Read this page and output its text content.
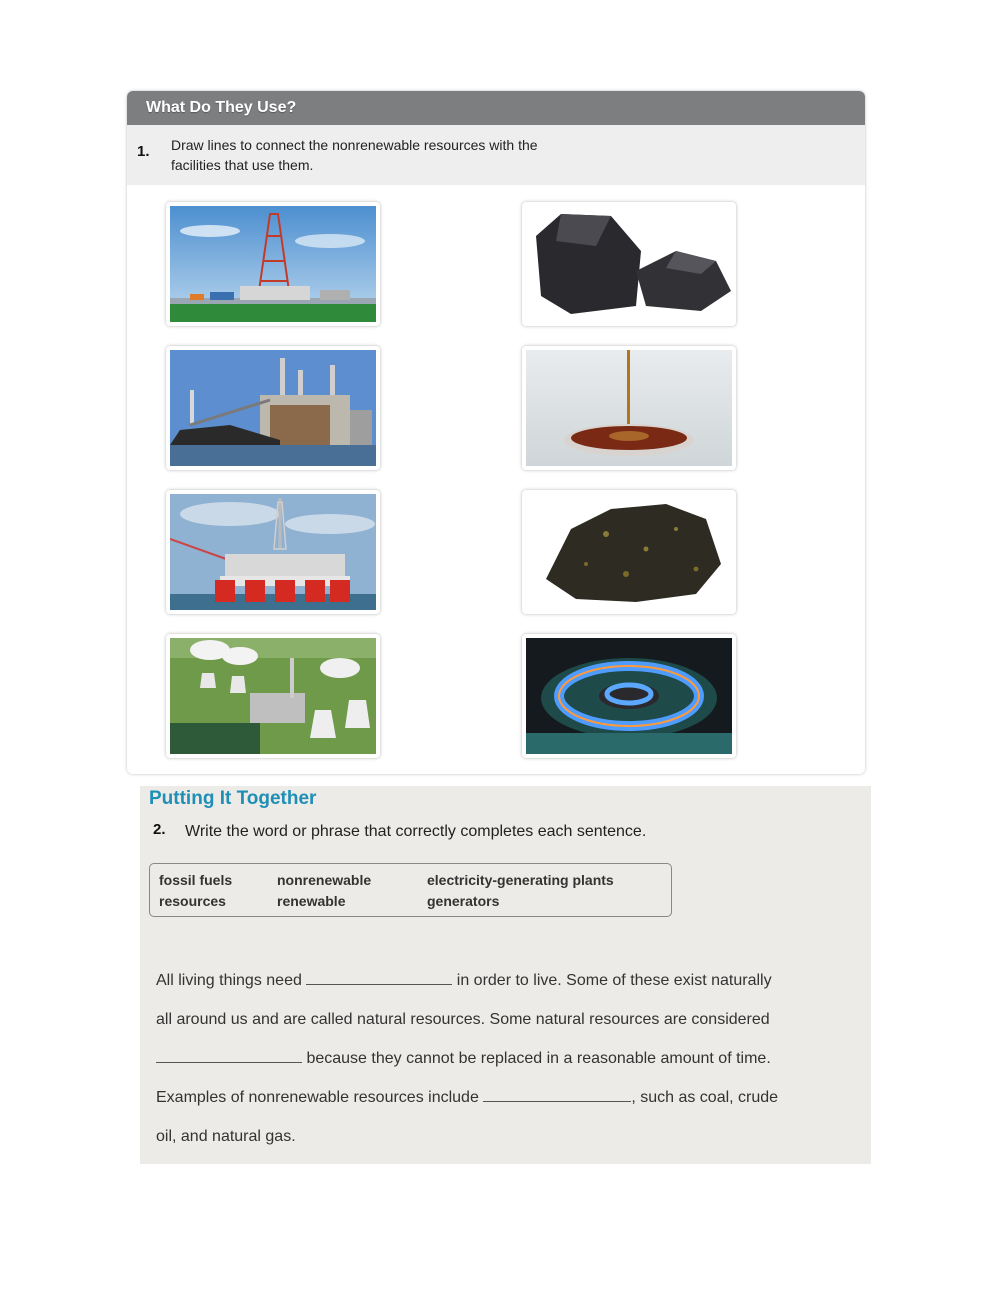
What Do They Use?
1. Draw lines to connect the nonrenewable resources with the
facilities that use them.
Putting It Together
2. Write the word or phrase that correctly completes each sentence.
fossil fuels
resources
nonrenewable
renewable
electricity-generating plants
generators
All living things need	in order to live. Some of these exist naturally
all around us and are called natural resources. Some natural resources are considered
because they cannot be replaced in a reasonable amount of time.
Examples of nonrenewable resources include	, such as coal, crude
oil, and natural gas.
